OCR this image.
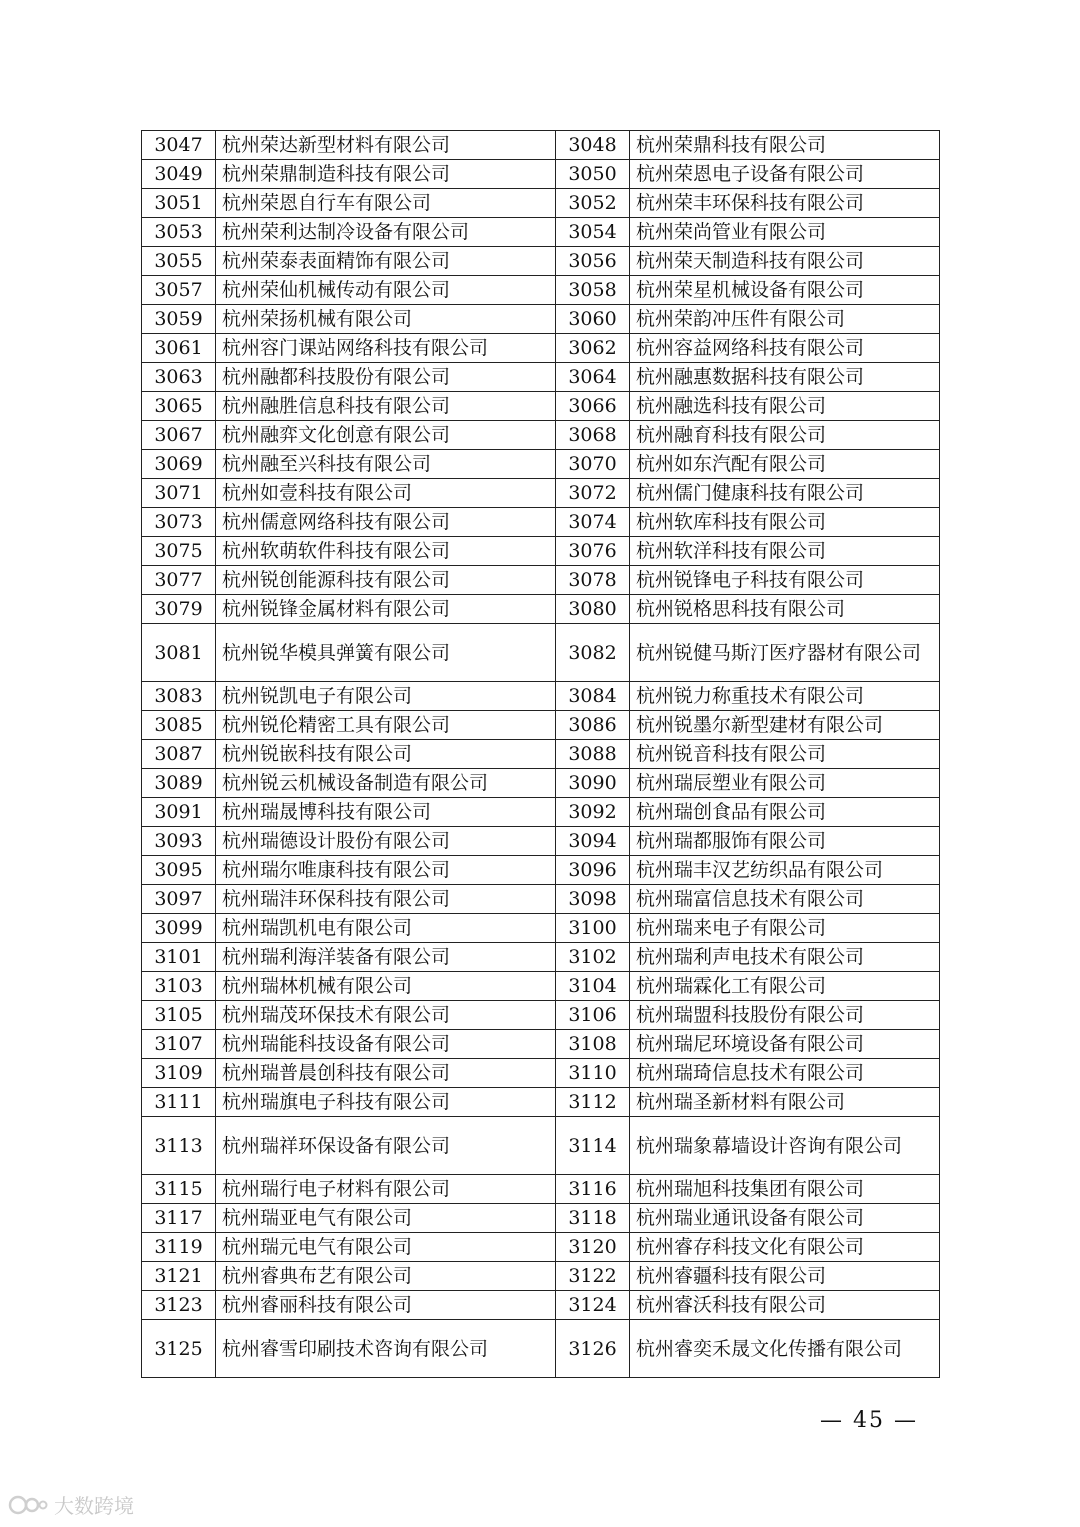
3047	杭州荣达新型材料有限公司	3048	杭州荣鼎科技有限公司
3049	杭州荣鼎制造科技有限公司	3050	杭州荣恩电子设备有限公司
3051	杭州荣恩自行车有限公司	3052	杭州荣丰环保科技有限公司
3053	杭州荣利达制冷设备有限公司	3054	杭州荣尚管业有限公司
3055	杭州荣泰表面精饰有限公司	3056	杭州荣天制造科技有限公司
3057	杭州荣仙机械传动有限公司	3058	杭州荣星机械设备有限公司
3059	杭州荣扬机械有限公司	3060	杭州荣韵冲压件有限公司
3061	杭州容门课站网络科技有限公司	3062	杭州容益网络科技有限公司
3063	杭州融都科技股份有限公司	3064	杭州融惠数据科技有限公司
3065	杭州融胜信息科技有限公司	3066	杭州融选科技有限公司
3067	杭州融弈文化创意有限公司	3068	杭州融育科技有限公司
3069	杭州融至兴科技有限公司	3070	杭州如东汽配有限公司
3071	杭州如壹科技有限公司	3072	杭州儒门健康科技有限公司
3073	杭州儒意网络科技有限公司	3074	杭州软库科技有限公司
3075	杭州软萌软件科技有限公司	3076	杭州软洋科技有限公司
3077	杭州锐创能源科技有限公司	3078	杭州锐锋电子科技有限公司
3079	杭州锐锋金属材料有限公司	3080	杭州锐格思科技有限公司
3081	杭州锐华模具弹簧有限公司	3082	杭州锐健马斯汀医疗器材有限公司
3083	杭州锐凯电子有限公司	3084	杭州锐力称重技术有限公司
3085	杭州锐伦精密工具有限公司	3086	杭州锐墨尔新型建材有限公司
3087	杭州锐嵌科技有限公司	3088	杭州锐音科技有限公司
3089	杭州锐云机械设备制造有限公司	3090	杭州瑞辰塑业有限公司
3091	杭州瑞晟博科技有限公司	3092	杭州瑞创食品有限公司
3093	杭州瑞德设计股份有限公司	3094	杭州瑞都服饰有限公司
3095	杭州瑞尔唯康科技有限公司	3096	杭州瑞丰汉艺纺织品有限公司
3097	杭州瑞沣环保科技有限公司	3098	杭州瑞富信息技术有限公司
3099	杭州瑞凯机电有限公司	3100	杭州瑞来电子有限公司
3101	杭州瑞利海洋装备有限公司	3102	杭州瑞利声电技术有限公司
3103	杭州瑞林机械有限公司	3104	杭州瑞霖化工有限公司
3105	杭州瑞茂环保技术有限公司	3106	杭州瑞盟科技股份有限公司
3107	杭州瑞能科技设备有限公司	3108	杭州瑞尼环境设备有限公司
3109	杭州瑞普晨创科技有限公司	3110	杭州瑞琦信息技术有限公司
3111	杭州瑞旗电子科技有限公司	3112	杭州瑞圣新材料有限公司
3113	杭州瑞祥环保设备有限公司	3114	杭州瑞象幕墙设计咨询有限公司
3115	杭州瑞行电子材料有限公司	3116	杭州瑞旭科技集团有限公司
3117	杭州瑞亚电气有限公司	3118	杭州瑞业通讯设备有限公司
3119	杭州瑞元电气有限公司	3120	杭州睿存科技文化有限公司
3121	杭州睿典布艺有限公司	3122	杭州睿疆科技有限公司
3123	杭州睿丽科技有限公司	3124	杭州睿沃科技有限公司
3125	杭州睿雪印刷技术咨询有限公司	3126	杭州睿奕禾晟文化传播有限公司
— 45 —
大数跨境
